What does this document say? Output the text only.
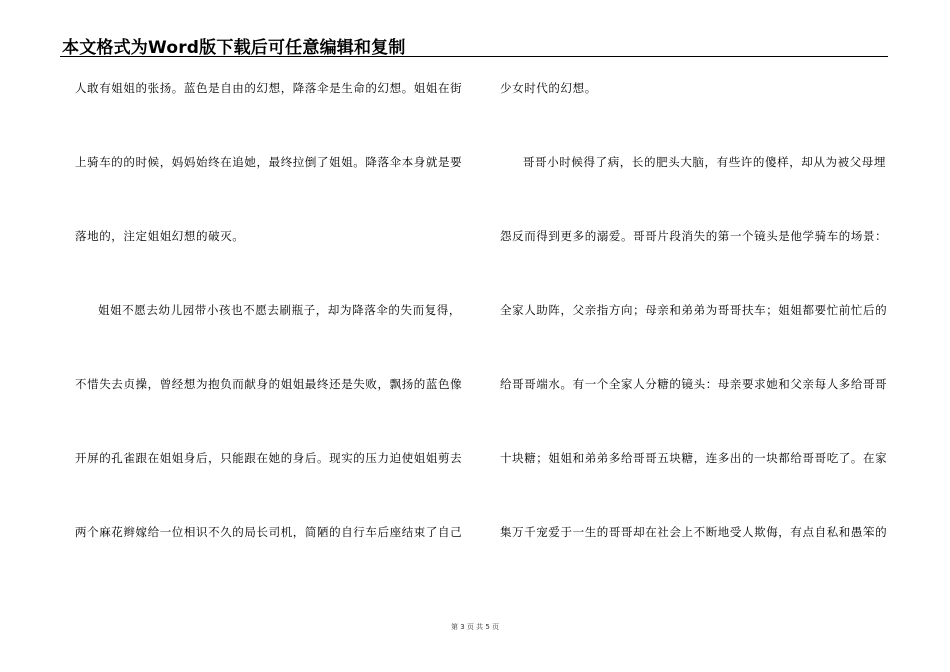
本文格式为Word版下载后可任意编辑和复制
人敢有姐姐的张扬。蓝色是自由的幻想，降落伞是生命的幻想。姐姐在街
上骑车的的时候，妈妈始终在追她，最终拉倒了姐姐。降落伞本身就是要
落地的，注定姐姐幻想的破灭。
姐姐不愿去幼儿园带小孩也不愿去刷瓶子，却为降落伞的失而复得，
不惜失去贞操，曾经想为抱负而献身的姐姐最终还是失败，飘扬的蓝色像
开屏的孔雀跟在姐姐身后，只能跟在她的身后。现实的压力迫使姐姐剪去
两个麻花辫嫁给一位相识不久的局长司机，简陋的自行车后座结束了自己
少女时代的幻想。
哥哥小时候得了病，长的肥头大脑，有些许的傻样，却从为被父母埋
怨反而得到更多的溺爱。哥哥片段消失的第一个镜头是他学骑车的场景：
全家人助阵，父亲指方向；母亲和弟弟为哥哥扶车；姐姐都要忙前忙后的
给哥哥端水。有一个全家人分糖的镜头：母亲要求她和父亲每人多给哥哥
十块糖；姐姐和弟弟多给哥哥五块糖，连多出的一块都给哥哥吃了。在家
集万千宠爱于一生的哥哥却在社会上不断地受人欺侮，有点自私和愚笨的
第 3 页 共 5 页
